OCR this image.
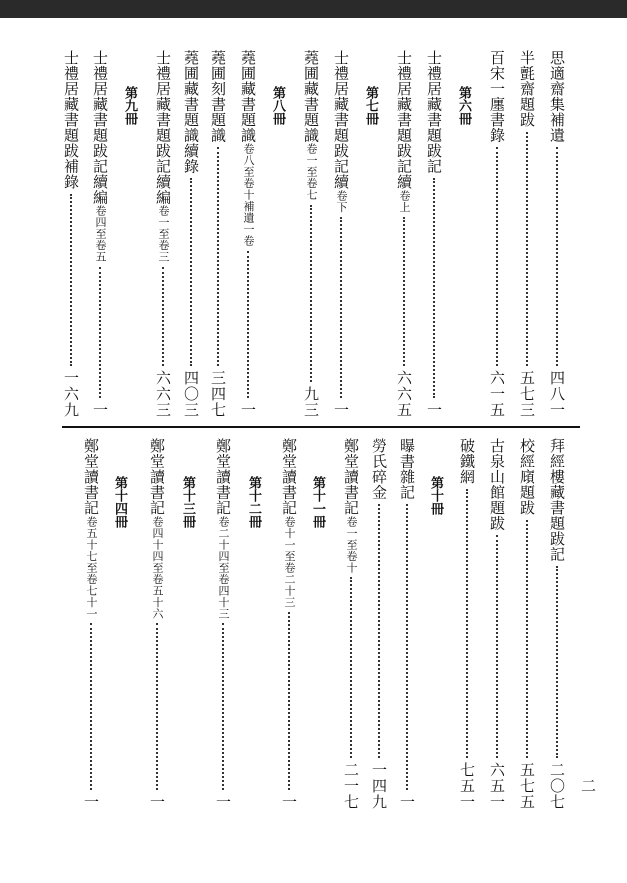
二
思適齋集補遺
四八一
半氈齋題跋
五七三
百宋一廛書錄
六一五
第六冊
士禮居藏書題跋記
一
士禮居藏書題跋記續
卷上
六六五
第七冊
士禮居藏書題跋記續
卷下
一
蕘圃藏書題識
卷一至卷七
九三
第八冊
蕘圃藏書題識
卷八至卷十補遺一卷
一
蕘圃刻書題識
三四七
蕘圃藏書題識續錄
四〇三
士禮居藏書題跋記續編
卷一至卷三
六六三
第九冊
士禮居藏書題跋記續編
卷四至卷五
一
士禮居藏書題跋補錄
一六九
拜經樓藏書題跋記
二〇七
校經廎題跋
五七五
古泉山館題跋
六五一
破鐵網
七五一
第十冊
曝書雜記
一
勞氏碎金
一四九
鄭堂讀書記
卷一至卷十
二一七
第十一冊
鄭堂讀書記
卷十一至卷二十三
一
第十二冊
鄭堂讀書記
卷二十四至卷四十三
一
第十三冊
鄭堂讀書記
卷四十四至卷五十六
一
第十四冊
鄭堂讀書記
卷五十七至卷七十一
一
